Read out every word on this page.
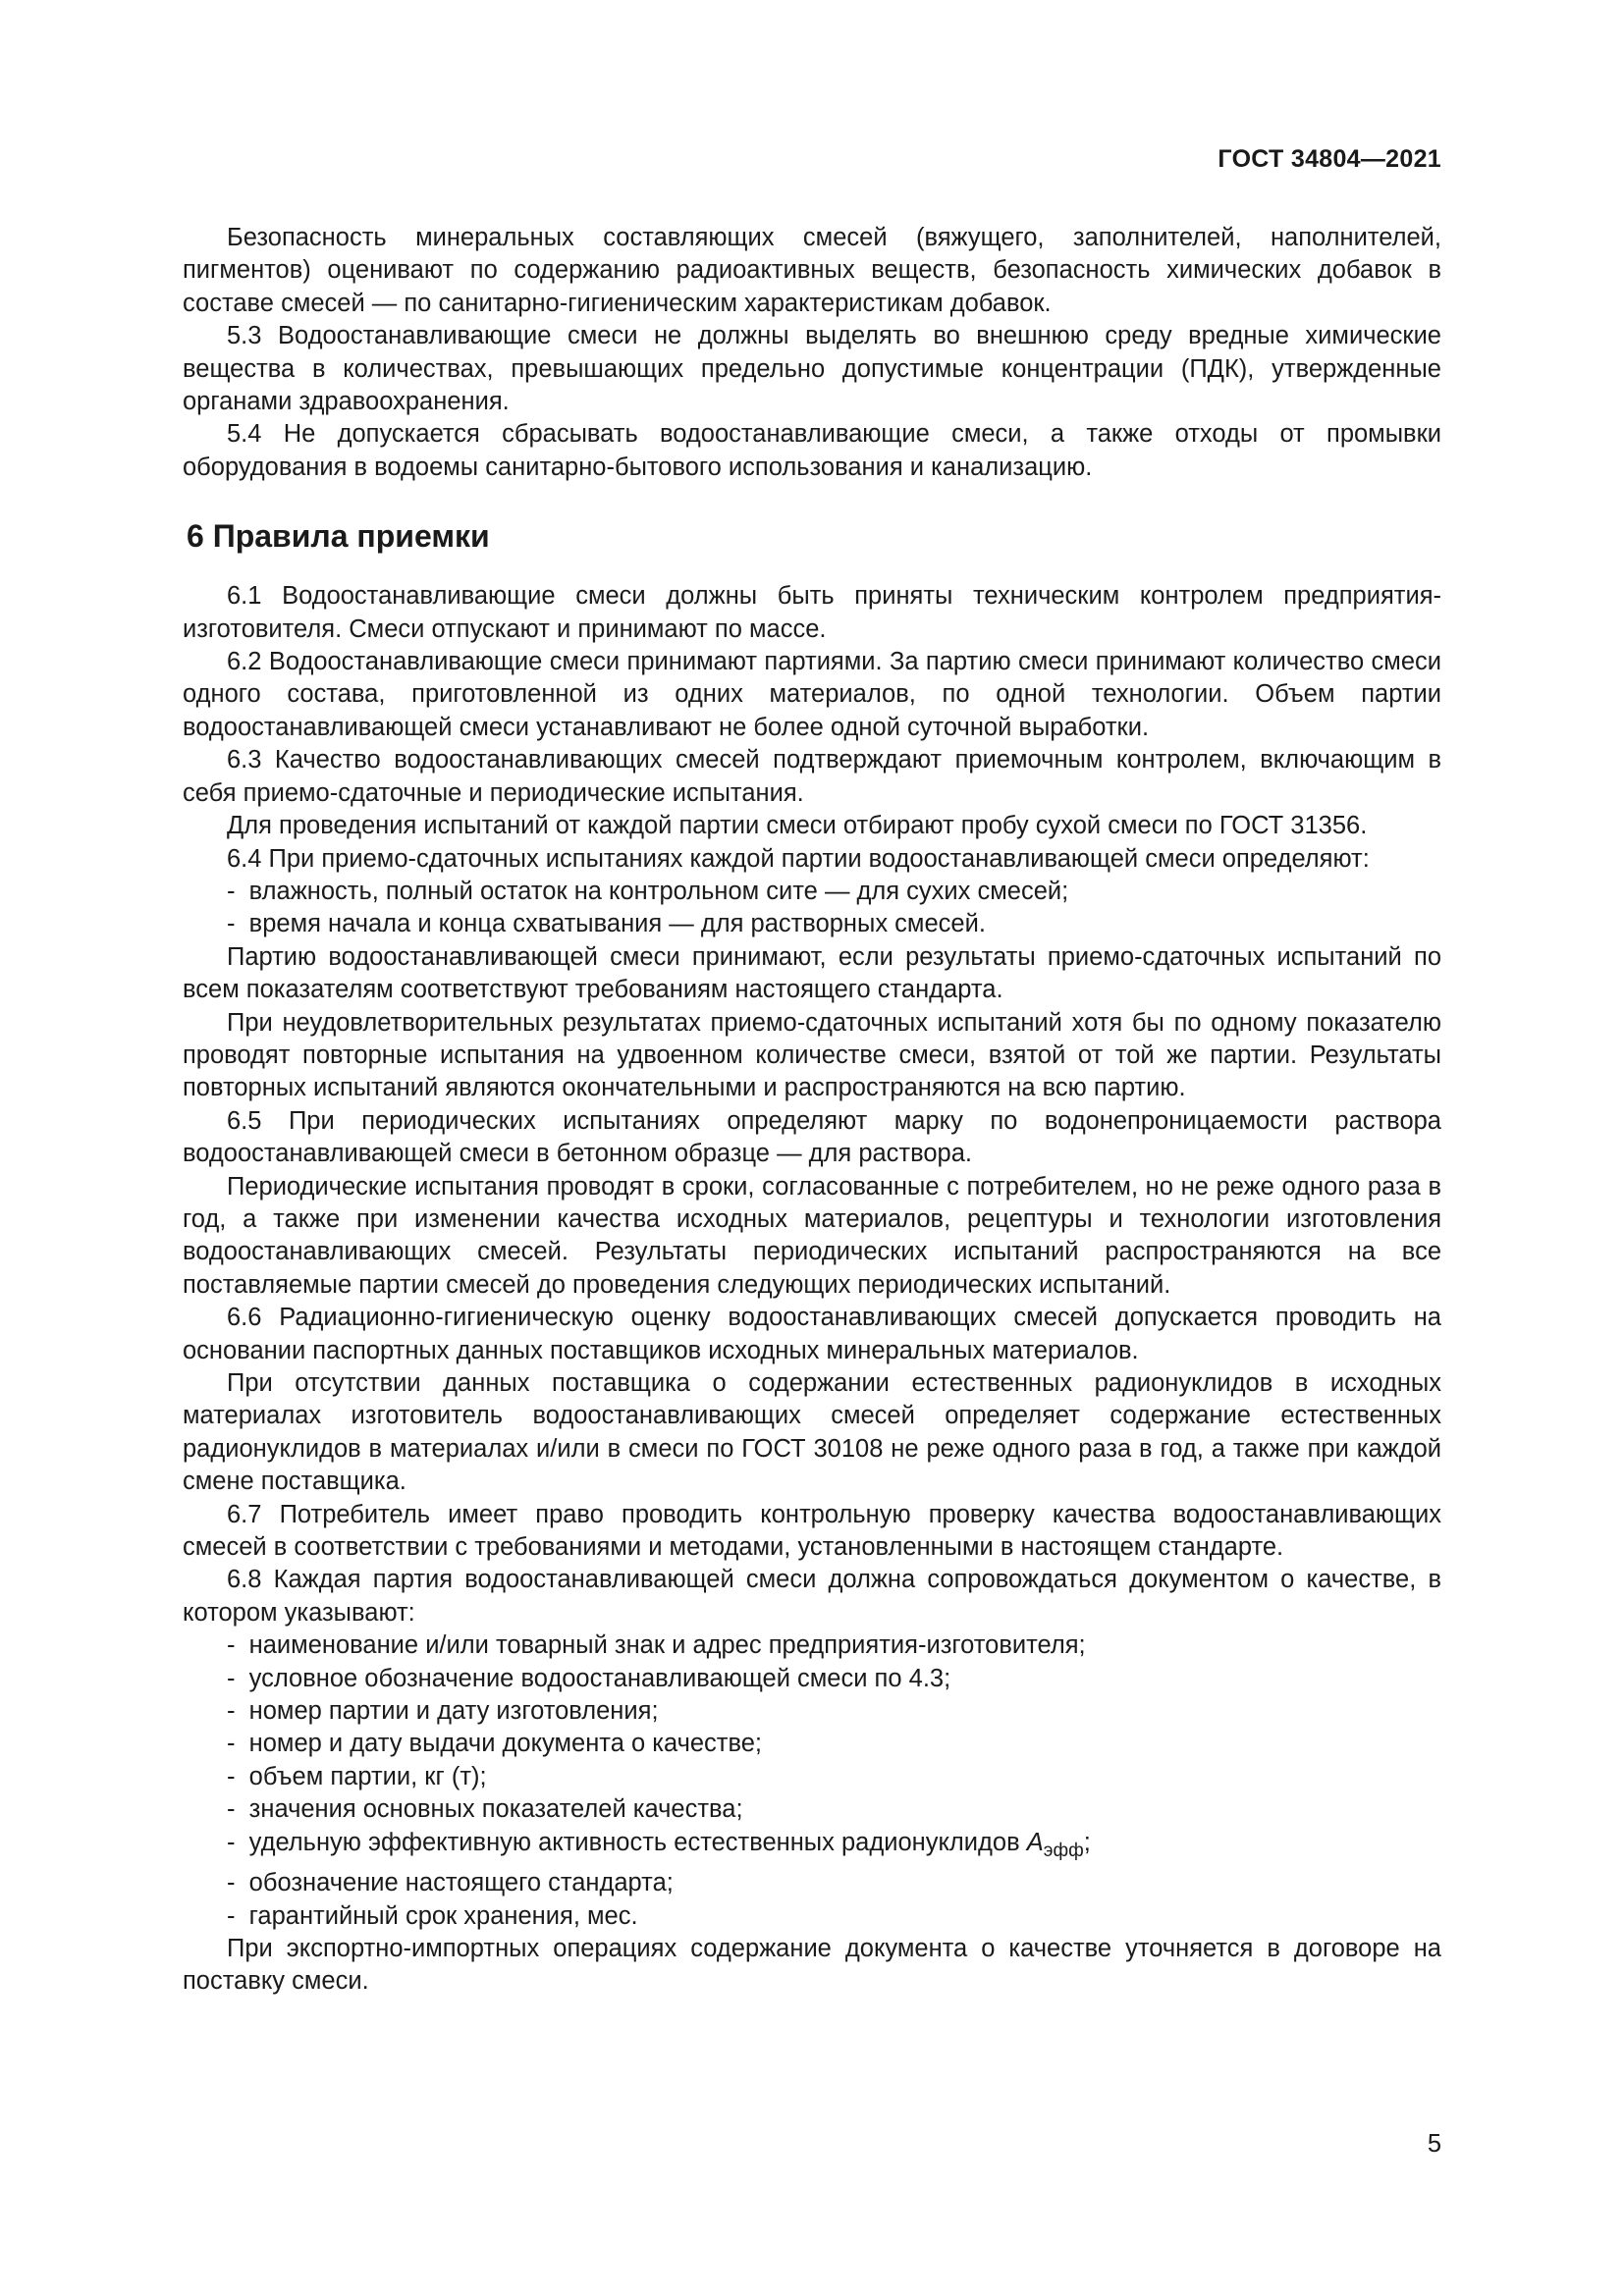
ГОСТ 34804—2021

Безопасность минеральных составляющих смесей (вяжущего, заполнителей, наполнителей, пигментов) оценивают по содержанию радиоактивных веществ, безопасность химических добавок в составе смесей — по санитарно-гигиеническим характеристикам добавок.

5.3 Водоостанавливающие смеси не должны выделять во внешнюю среду вредные химические вещества в количествах, превышающих предельно допустимые концентрации (ПДК), утвержденные органами здравоохранения.

5.4 Не допускается сбрасывать водоостанавливающие смеси, а также отходы от промывки оборудования в водоемы санитарно-бытового использования и канализацию.

6 Правила приемки

6.1 Водоостанавливающие смеси должны быть приняты техническим контролем предприятия-изготовителя. Смеси отпускают и принимают по массе.

6.2 Водоостанавливающие смеси принимают партиями. За партию смеси принимают количество смеси одного состава, приготовленной из одних материалов, по одной технологии. Объем партии водоостанавливающей смеси устанавливают не более одной суточной выработки.

6.3 Качество водоостанавливающих смесей подтверждают приемочным контролем, включающим в себя приемо-сдаточные и периодические испытания.

Для проведения испытаний от каждой партии смеси отбирают пробу сухой смеси по ГОСТ 31356.

6.4 При приемо-сдаточных испытаниях каждой партии водоостанавливающей смеси определяют:

-  влажность, полный остаток на контрольном сите — для сухих смесей;
-  время начала и конца схватывания — для растворных смесей.

Партию водоостанавливающей смеси принимают, если результаты приемо-сдаточных испытаний по всем показателям соответствуют требованиям настоящего стандарта.

При неудовлетворительных результатах приемо-сдаточных испытаний хотя бы по одному показателю проводят повторные испытания на удвоенном количестве смеси, взятой от той же партии. Результаты повторных испытаний являются окончательными и распространяются на всю партию.

6.5 При периодических испытаниях определяют марку по водонепроницаемости раствора водоостанавливающей смеси в бетонном образце — для раствора.

Периодические испытания проводят в сроки, согласованные с потребителем, но не реже одного раза в год, а также при изменении качества исходных материалов, рецептуры и технологии изготовления водоостанавливающих смесей. Результаты периодических испытаний распространяются на все поставляемые партии смесей до проведения следующих периодических испытаний.

6.6 Радиационно-гигиеническую оценку водоостанавливающих смесей допускается проводить на основании паспортных данных поставщиков исходных минеральных материалов.

При отсутствии данных поставщика о содержании естественных радионуклидов в исходных материалах изготовитель водоостанавливающих смесей определяет содержание естественных радионуклидов в материалах и/или в смеси по ГОСТ 30108 не реже одного раза в год, а также при каждой смене поставщика.

6.7 Потребитель имеет право проводить контрольную проверку качества водоостанавливающих смесей в соответствии с требованиями и методами, установленными в настоящем стандарте.

6.8 Каждая партия водоостанавливающей смеси должна сопровождаться документом о качестве, в котором указывают:

-  наименование и/или товарный знак и адрес предприятия-изготовителя;
-  условное обозначение водоостанавливающей смеси по 4.3;
-  номер партии и дату изготовления;
-  номер и дату выдачи документа о качестве;
-  объем партии, кг (т);
-  значения основных показателей качества;
-  удельную эффективную активность естественных радионуклидов $А_{эфф}$;
-  обозначение настоящего стандарта;
-  гарантийный срок хранения, мес.

При экспортно-импортных операциях содержание документа о качестве уточняется в договоре на поставку смеси.

5
